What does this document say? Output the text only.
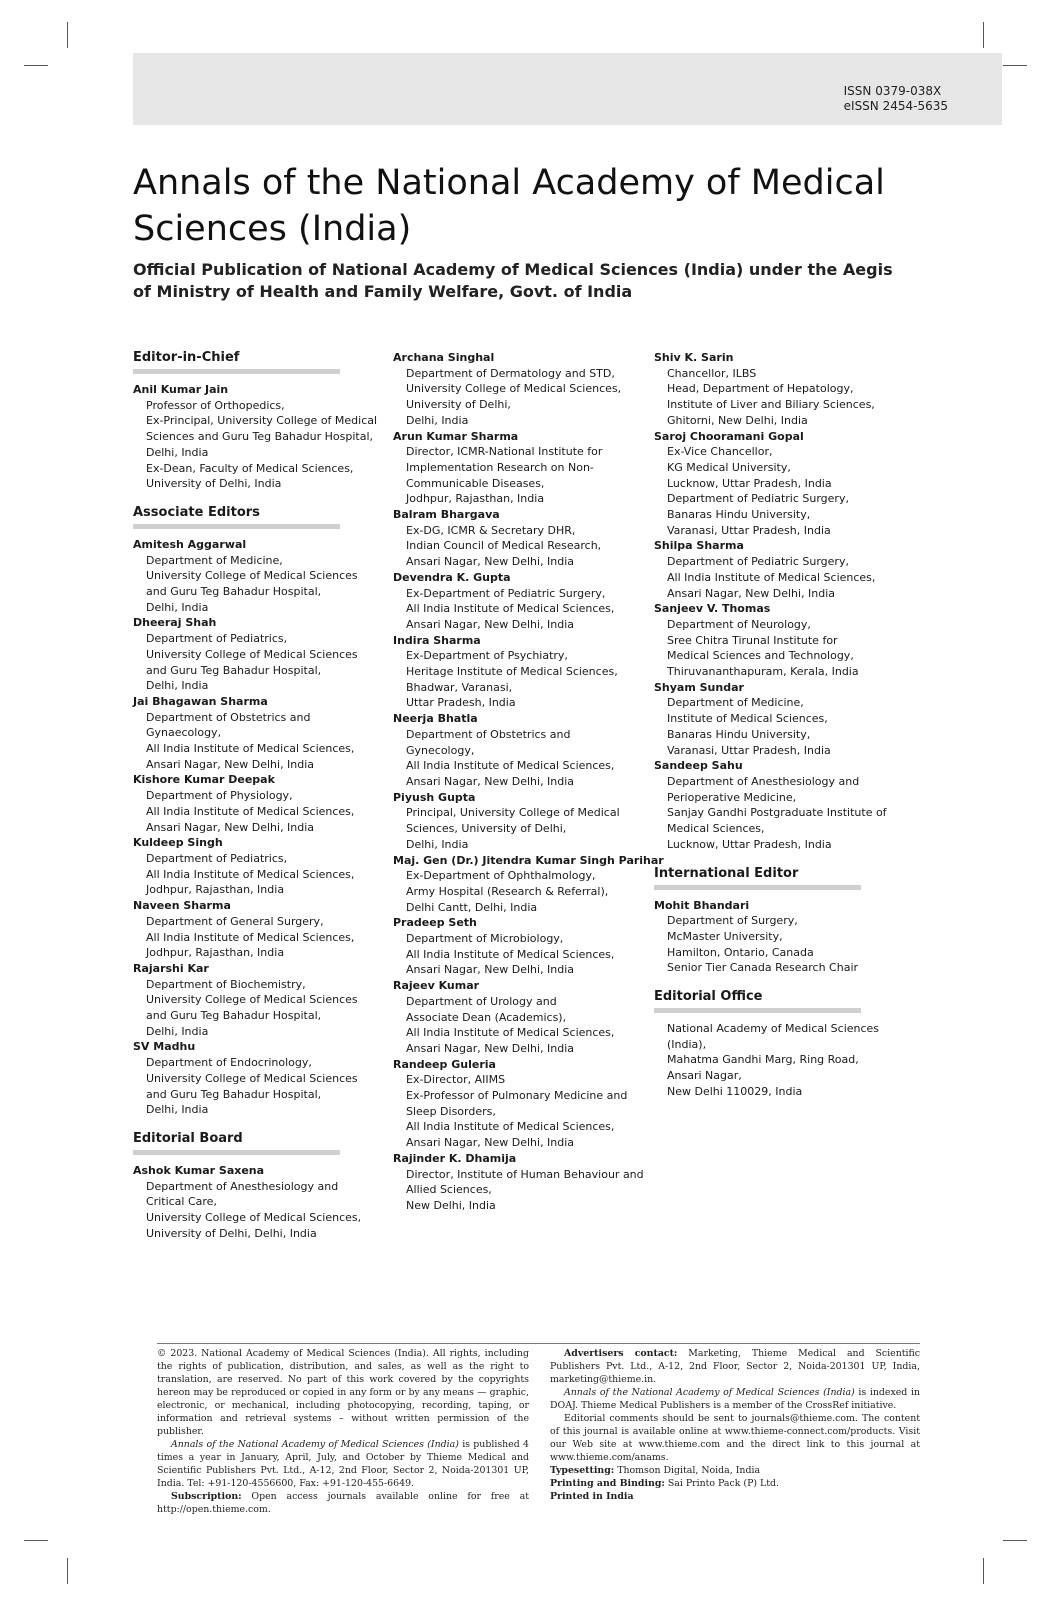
ISSN 0379-038X
eISSN 2454-5635
Annals of the National Academy of Medical Sciences (India)
Official Publication of National Academy of Medical Sciences (India) under the Aegis of Ministry of Health and Family Welfare, Govt. of India
Editor-in-Chief
Anil Kumar Jain
Professor of Orthopedics,
Ex-Principal, University College of Medical
Sciences and Guru Teg Bahadur Hospital,
Delhi, India
Ex-Dean, Faculty of Medical Sciences,
University of Delhi, India
Associate Editors
Amitesh Aggarwal
Department of Medicine,
University College of Medical Sciences
and Guru Teg Bahadur Hospital,
Delhi, India
Dheeraj Shah
Department of Pediatrics,
University College of Medical Sciences
and Guru Teg Bahadur Hospital,
Delhi, India
Jai Bhagawan Sharma
Department of Obstetrics and
Gynaecology,
All India Institute of Medical Sciences,
Ansari Nagar, New Delhi, India
Kishore Kumar Deepak
Department of Physiology,
All India Institute of Medical Sciences,
Ansari Nagar, New Delhi, India
Kuldeep Singh
Department of Pediatrics,
All India Institute of Medical Sciences,
Jodhpur, Rajasthan, India
Naveen Sharma
Department of General Surgery,
All India Institute of Medical Sciences,
Jodhpur, Rajasthan, India
Rajarshi Kar
Department of Biochemistry,
University College of Medical Sciences
and Guru Teg Bahadur Hospital,
Delhi, India
SV Madhu
Department of Endocrinology,
University College of Medical Sciences
and Guru Teg Bahadur Hospital,
Delhi, India
Editorial Board
Ashok Kumar Saxena
Department of Anesthesiology and
Critical Care,
University College of Medical Sciences,
University of Delhi, Delhi, India
Archana Singhal
Department of Dermatology and STD,
University College of Medical Sciences,
University of Delhi,
Delhi, India
Arun Kumar Sharma
Director, ICMR-National Institute for
Implementation Research on Non-
Communicable Diseases,
Jodhpur, Rajasthan, India
Balram Bhargava
Ex-DG, ICMR & Secretary DHR,
Indian Council of Medical Research,
Ansari Nagar, New Delhi, India
Devendra K. Gupta
Ex-Department of Pediatric Surgery,
All India Institute of Medical Sciences,
Ansari Nagar, New Delhi, India
Indira Sharma
Ex-Department of Psychiatry,
Heritage Institute of Medical Sciences,
Bhadwar, Varanasi,
Uttar Pradesh, India
Neerja Bhatla
Department of Obstetrics and
Gynecology,
All India Institute of Medical Sciences,
Ansari Nagar, New Delhi, India
Piyush Gupta
Principal, University College of Medical
Sciences, University of Delhi,
Delhi, India
Maj. Gen (Dr.) Jitendra Kumar Singh Parihar
Ex-Department of Ophthalmology,
Army Hospital (Research & Referral),
Delhi Cantt, Delhi, India
Pradeep Seth
Department of Microbiology,
All India Institute of Medical Sciences,
Ansari Nagar, New Delhi, India
Rajeev Kumar
Department of Urology and
Associate Dean (Academics),
All India Institute of Medical Sciences,
Ansari Nagar, New Delhi, India
Randeep Guleria
Ex-Director, AIIMS
Ex-Professor of Pulmonary Medicine and
Sleep Disorders,
All India Institute of Medical Sciences,
Ansari Nagar, New Delhi, India
Rajinder K. Dhamija
Director, Institute of Human Behaviour and
Allied Sciences,
New Delhi, India
Shiv K. Sarin
Chancellor, ILBS
Head, Department of Hepatology,
Institute of Liver and Biliary Sciences,
Ghitorni, New Delhi, India
Saroj Chooramani Gopal
Ex-Vice Chancellor,
KG Medical University,
Lucknow, Uttar Pradesh, India
Department of Pediatric Surgery,
Banaras Hindu University,
Varanasi, Uttar Pradesh, India
Shilpa Sharma
Department of Pediatric Surgery,
All India Institute of Medical Sciences,
Ansari Nagar, New Delhi, India
Sanjeev V. Thomas
Department of Neurology,
Sree Chitra Tirunal Institute for
Medical Sciences and Technology,
Thiruvananthapuram, Kerala, India
Shyam Sundar
Department of Medicine,
Institute of Medical Sciences,
Banaras Hindu University,
Varanasi, Uttar Pradesh, India
Sandeep Sahu
Department of Anesthesiology and
Perioperative Medicine,
Sanjay Gandhi Postgraduate Institute of
Medical Sciences,
Lucknow, Uttar Pradesh, India
International Editor
Mohit Bhandari
Department of Surgery,
McMaster University,
Hamilton, Ontario, Canada
Senior Tier Canada Research Chair
Editorial Office
National Academy of Medical Sciences
(India),
Mahatma Gandhi Marg, Ring Road,
Ansari Nagar,
New Delhi 110029, India

© 2023. National Academy of Medical Sciences (India). All rights, including the rights of publication, distribution, and sales, as well as the right to translation, are reserved. No part of this work covered by the copyrights hereon may be reproduced or copied in any form or by any means — graphic, electronic, or mechanical, including photocopying, recording, taping, or information and retrieval systems – without written permission of the publisher.

Annals of the National Academy of Medical Sciences (India) is published 4 times a year in January, April, July, and October by Thieme Medical and Scientific Publishers Pvt. Ltd., A-12, 2nd Floor, Sector 2, Noida-201301 UP, India. Tel: +91-120-4556600, Fax: +91-120-455-6649.

Subscription: Open access journals available online for free at http://open.thieme.com.

Advertisers contact: Marketing, Thieme Medical and Scientific Publishers Pvt. Ltd., A-12, 2nd Floor, Sector 2, Noida-201301 UP, India, marketing@thieme.in.

Annals of the National Academy of Medical Sciences (India) is indexed in DOAJ. Thieme Medical Publishers is a member of the CrossRef initiative.

Editorial comments should be sent to journals@thieme.com. The content of this journal is available online at www.thieme-connect.com/products. Visit our Web site at www.thieme.com and the direct link to this journal at www.thieme.com/anams.

Typesetting: Thomson Digital, Noida, India

Printing and Binding: Sai Printo Pack (P) Ltd.

Printed in India
